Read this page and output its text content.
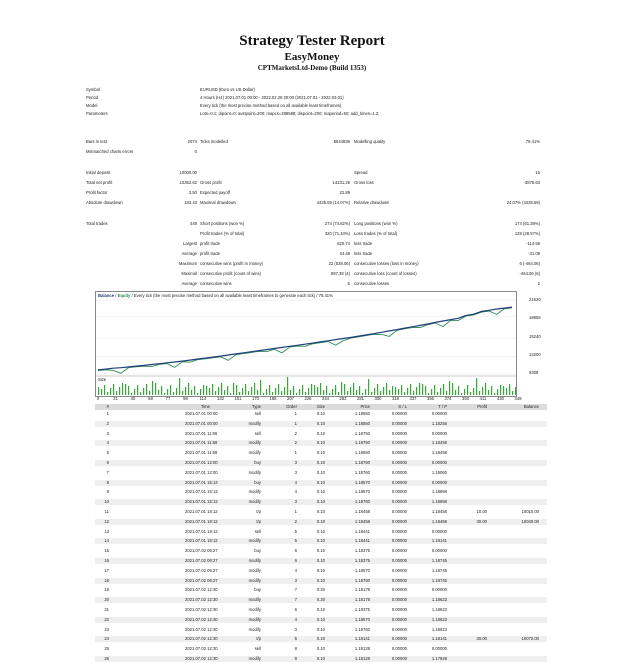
Strategy Tester Report
EasyMoney
CPTMarketsLtd-Demo (Build 1353)
Symbol	EURUSD (Euro vs US Dollar)
Period	4 Hours (H4) 2021.07.01 00:00 - 2022.02.28 20:00 (2021.07.01 - 2022.03.01)
Model	Every tick (the most precise method based on all available least timeframes)
Parameters	Lots=0.1; dipoint=0; avstpoint=200; mapcs=288588; dispoint=200; maperiod=50; add_times=1.2;
Bars in test	2074 Ticks modelled	5644836 Modelling quality	78.41%
Mismatched charts errors	0
Initial deposit	10000.00	Spread	15
Total net profit	10352.62 Gross profit	14231.29 Gross loss	-3878.63
Profit factor	3.50 Expected payoff	22.89
Absolute drawdown	183.43 Maximal drawdown	4435.59 (14.07%) Relative drawdown	24.07% (4435.59)
Total trades	449 Short positions (won %)	274 (74.82%) Long positions (won %)	174 (61.39%)
Profit trades (% of total)	320 (71.43%) Loss trades (% of total)	128 (28.57%)
Largest profit trade	520.74 loss trade	-114.59
Average profit trade	44.48 loss trade	-31.09
Maximum consecutive wins (profit in money)	22 (538.06) consecutive losses (loss in money)	6 (-464.06)
Maximal consecutive profit (count of wins)	997.38 (4) consecutive loss (count of losses)	-464.06 (6)
Average consecutive wins	5 consecutive losses	2
Balance / Equity / Every tick (the most precise method based on all available least timeframes to generate each tick) / 78.41%
Size
21520
18856
15240
12200
9308
0	21	40	58	77	98	114	132	151	170	188	207	226	244	263	281	300	318	337	356	374	393	411	430	449
#	Time	Type	Order	Size	Price	S / L	T / P	Profit	Balance
1	2021.07.01 00:00	sell	1	0.10	1.18550	0.00000	0.00000
2	2021.07.01 00:00	modify	1	0.10	1.18550	0.00000	1.18256
3	2021.07.01 11:55	sell	2	0.10	1.18750	0.00000	0.00000
4	2021.07.01 11:58	modify	2	0.10	1.18750	0.00000	1.18458
5	2021.07.01 11:58	modify	1	0.10	1.18550	0.00000	1.18458
6	2021.07.01 12:00	buy	3	0.10	1.18760	0.00000	0.00000
7	2021.07.01 12:00	modify	3	0.10	1.18760	0.00000	1.19060
8	2021.07.01 15:13	buy	4	0.10	1.18570	0.00000	0.00000
9	2021.07.01 15:13	modify	4	0.10	1.18570	0.00000	1.18868
10	2021.07.01 15:13	modify	3	0.10	1.18760	0.00000	1.18868
11	2021.07.01 18:12	t/p	1	0.10	1.18458	0.00000	1.18458	10.00	10010.00
12	2021.07.01 18:12	t/p	2	0.10	1.18458	0.00000	1.18458	30.00	10040.00
13	2021.07.01 18:12	sell	5	0.10	1.18441	0.00000	0.00000
14	2021.07.01 18:12	modify	5	0.10	1.18441	0.00000	1.18141
15	2021.07.02 06:27	buy	6	0.10	1.18375	0.00000	0.00000
16	2021.07.02 06:27	modify	6	0.10	1.18375	0.00000	1.18745
17	2021.07.02 06:27	modify	4	0.10	1.18570	0.00000	1.18745
18	2021.07.02 06:27	modify	3	0.10	1.18760	0.00000	1.18745
19	2021.07.02 12:30	buy	7	0.20	1.18178	0.00000	0.00000
20	2021.07.02 12:30	modify	7	0.20	1.18178	0.00000	1.18623
21	2021.07.02 12:30	modify	6	0.10	1.18375	0.00000	1.18623
22	2021.07.02 12:30	modify	4	0.10	1.18570	0.00000	1.18623
23	2021.07.02 12:30	modify	3	0.10	1.18760	0.00000	1.18623
24	2021.07.02 12:30	t/p	5	0.10	1.18141	0.00000	1.18141	30.00	10070.00
25	2021.07.02 12:30	sell	8	0.10	1.18128	0.00000	0.00000
26	2021.07.02 12:30	modify	8	0.10	1.18128	0.00000	1.17828
